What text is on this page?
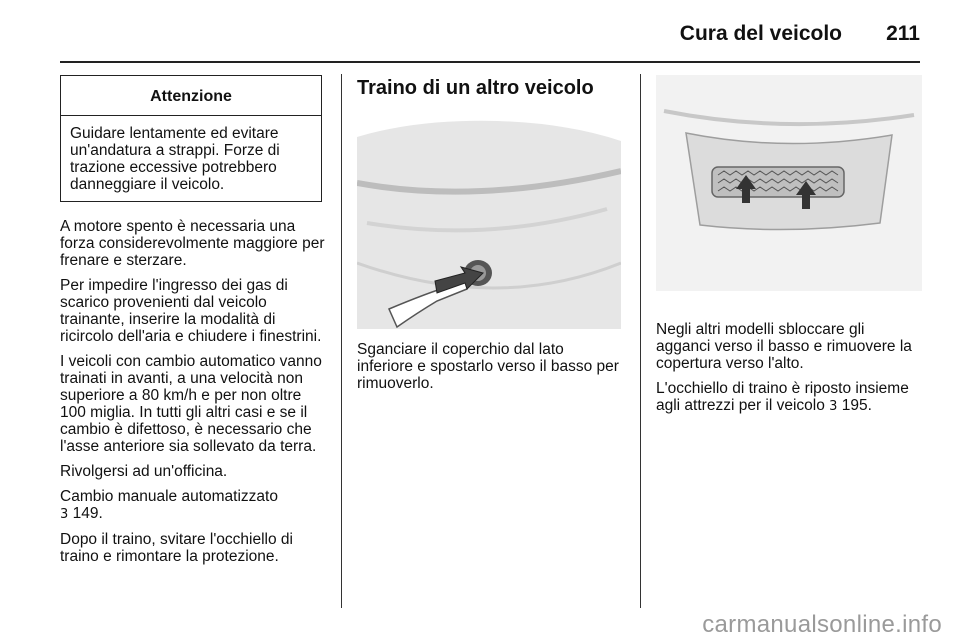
Cura del veicolo 211
Attenzione
Guidare lentamente ed evitare un'andatura a strappi. Forze di trazione eccessive potrebbero danneggiare il veicolo.

A motore spento è necessaria una forza considerevolmente maggiore per frenare e sterzare.

Per impedire l'ingresso dei gas di scarico provenienti dal veicolo trainante, inserire la modalità di ricircolo dell'aria e chiudere i finestrini.

I veicoli con cambio automatico vanno trainati in avanti, a una velocità non superiore a 80 km/h e per non oltre 100 miglia. In tutti gli altri casi e se il cambio è difettoso, è necessario che l'asse anteriore sia sollevato da terra.

Rivolgersi ad un'officina.

Cambio manuale automatizzato
3 149.

Dopo il traino, svitare l'occhiello di traino e rimontare la protezione.

Traino di un altro veicolo
Sganciare il coperchio dal lato inferiore e spostarlo verso il basso per rimuoverlo.

Negli altri modelli sbloccare gli agganci verso il basso e rimuovere la copertura verso l'alto.

L'occhiello di traino è riposto insieme agli attrezzi per il veicolo 3 195.

carmanualsonline.info
